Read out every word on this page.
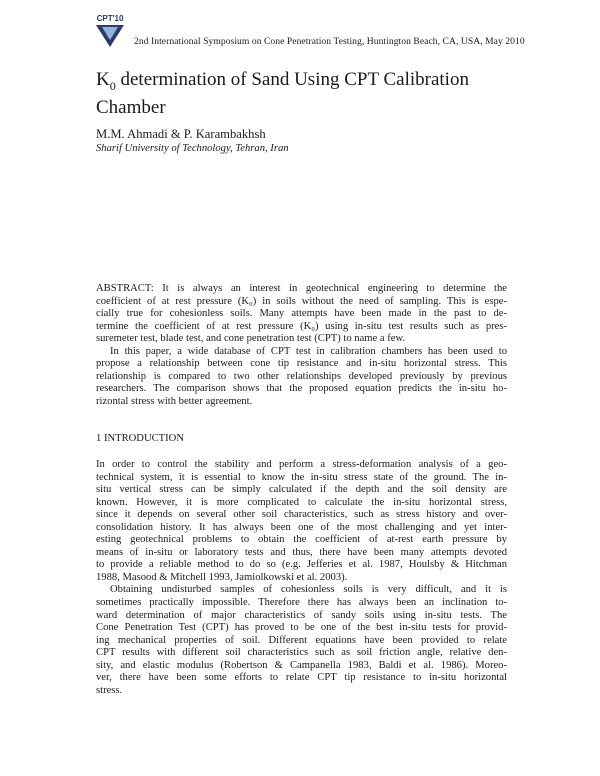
CPT'10
2nd International Symposium on Cone Penetration Testing, Huntington Beach, CA, USA, May 2010
$K_0$ determination of Sand Using CPT Calibration
Chamber
M.M. Ahmadi & P. Karambakhsh
Sharif University of Technology, Tehran, Iran
ABSTRACT: It is always an interest in geotechnical engineering to determine the
coefficient of at rest pressure (K₀) in soils without the need of sampling. This is espe-
cially true for cohesionless soils. Many attempts have been made in the past to de-
termine the coefficient of at rest pressure (K₀) using in-situ test results such as pres-
suremeter test, blade test, and cone penetration test (CPT) to name a few.
In this paper, a wide database of CPT test in calibration chambers has been used to
propose a relationship between cone tip resistance and in-situ horizontal stress. This
relationship is compared to two other relationships developed previously by previous
researchers. The comparison shows that the proposed equation predicts the in-situ ho-
rizontal stress with better agreement.
1 INTRODUCTION
In order to control the stability and perform a stress-deformation analysis of a geo-
technical system, it is essential to know the in-situ stress state of the ground. The in-
situ vertical stress can be simply calculated if the depth and the soil density are
known. However, it is more complicated to calculate the in-situ horizontal stress,
since it depends on several other soil characteristics, such as stress history and over-
consolidation history. It has always been one of the most challenging and yet inter-
esting geotechnical problems to obtain the coefficient of at-rest earth pressure by
means of in-situ or laboratory tests and thus, there have been many attempts devoted
to provide a reliable method to do so (e.g. Jefferies et al. 1987, Houlsby & Hitchman
1988, Masood & Mitchell 1993, Jamiolkowski et al. 2003).
Obtaining undisturbed samples of cohesionless soils is very difficult, and it is
sometimes practically impossible. Therefore there has always been an inclination to-
ward determination of major characteristics of sandy soils using in-situ tests. The
Cone Penetration Test (CPT) has proved to be one of the best in-situ tests for provid-
ing mechanical properties of soil. Different equations have been provided to relate
CPT results with different soil characteristics such as soil friction angle, relative den-
sity, and elastic modulus (Robertson & Campanella 1983, Baldi et al. 1986). Moreo-
ver, there have been some efforts to relate CPT tip resistance to in-situ horizontal
stress.
